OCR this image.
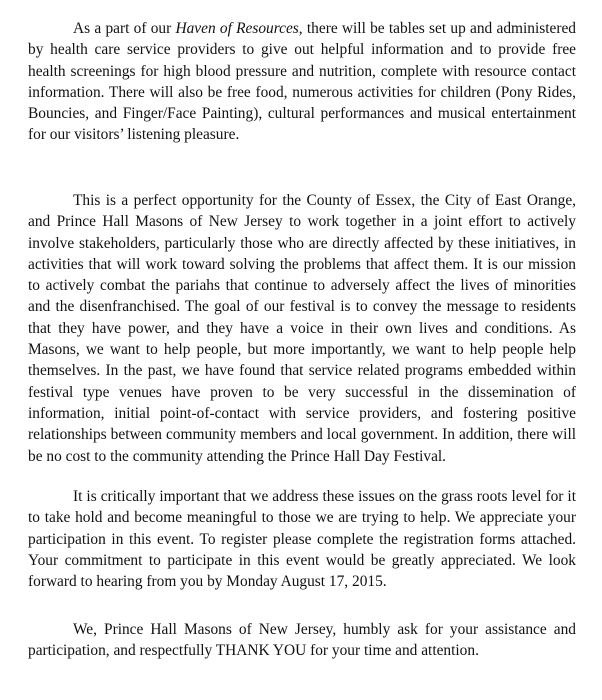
As a part of our Haven of Resources, there will be tables set up and administered by health care service providers to give out helpful information and to provide free health screenings for high blood pressure and nutrition, complete with resource contact information. There will also be free food, numerous activities for children (Pony Rides, Bouncies, and Finger/Face Painting), cultural performances and musical entertainment for our visitors’ listening pleasure.

This is a perfect opportunity for the County of Essex, the City of East Orange, and Prince Hall Masons of New Jersey to work together in a joint effort to actively involve stakeholders, particularly those who are directly affected by these initiatives, in activities that will work toward solving the problems that affect them. It is our mission to actively combat the pariahs that continue to adversely affect the lives of minorities and the disenfranchised. The goal of our festival is to convey the message to residents that they have power, and they have a voice in their own lives and conditions. As Masons, we want to help people, but more importantly, we want to help people help themselves. In the past, we have found that service related programs embedded within festival type venues have proven to be very successful in the dissemination of information, initial point-of-contact with service providers, and fostering positive relationships between community members and local government. In addition, there will be no cost to the community attending the Prince Hall Day Festival.

It is critically important that we address these issues on the grass roots level for it to take hold and become meaningful to those we are trying to help. We appreciate your participation in this event. To register please complete the registration forms attached. Your commitment to participate in this event would be greatly appreciated. We look forward to hearing from you by Monday August 17, 2015.

We, Prince Hall Masons of New Jersey, humbly ask for your assistance and participation, and respectfully THANK YOU for your time and attention.
